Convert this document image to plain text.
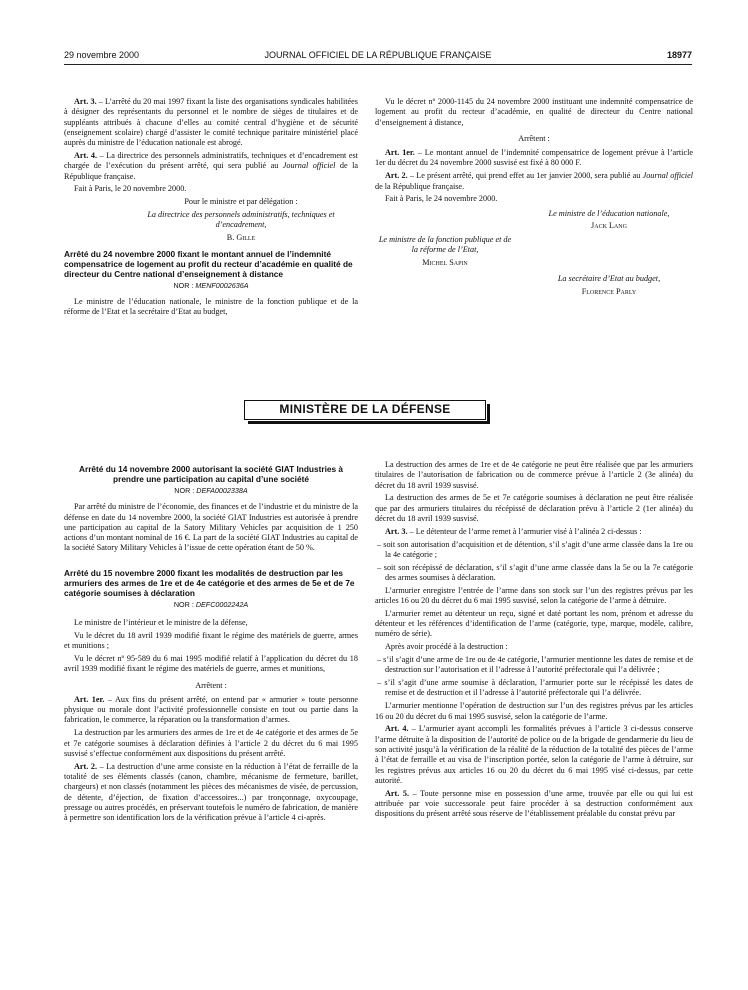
29 novembre 2000	JOURNAL OFFICIEL DE LA RÉPUBLIQUE FRANÇAISE	18977

Art. 3. – L’arrêté du 20 mai 1997 fixant la liste des organisations syndicales habilitées à désigner des représentants du personnel et le nombre de sièges de titulaires et de suppléants attribués à chacune d’elles au comité central d’hygiène et de sécurité (enseignement scolaire) chargé d’assister le comité technique paritaire ministériel placé auprès du ministre de l’éducation nationale est abrogé.

Art. 4. – La directrice des personnels administratifs, techniques et d’encadrement est chargée de l’exécution du présent arrêté, qui sera publié au Journal officiel de la République française.

Fait à Paris, le 20 novembre 2000.

Pour le ministre et par délégation :

La directrice des personnels administratifs, techniques et d’encadrement,

B. Gille

Arrêté du 24 novembre 2000 fixant le montant annuel de l’indemnité compensatrice de logement au profit du recteur d’académie en qualité de directeur du Centre national d’enseignement à distance
NOR : MENF0002636A

Le ministre de l’éducation nationale, le ministre de la fonction publique et de la réforme de l’Etat et la secrétaire d’Etat au budget,

Vu le décret nº 2000-1145 du 24 novembre 2000 instituant une indemnité compensatrice de logement au profit du recteur d’académie, en qualité de directeur du Centre national d’enseignement à distance,

Arrêtent :

Art. 1er. – Le montant annuel de l’indemnité compensatrice de logement prévue à l’article 1er du décret du 24 novembre 2000 susvisé est fixé à 80 000 F.

Art. 2. – Le présent arrêté, qui prend effet au 1er janvier 2000, sera publié au Journal officiel de la République française.

Fait à Paris, le 24 novembre 2000.

Le ministre de l’éducation nationale,

Jack Lang

Le ministre de la fonction publique et de la réforme de l’Etat,

Michel Sapin

La secrétaire d’Etat au budget,

Florence Parly

MINISTÈRE DE LA DÉFENSE
Arrêté du 14 novembre 2000 autorisant la société GIAT Industries à prendre une participation au capital d’une société
NOR : DEFA0002338A

Par arrêté du ministre de l’économie, des finances et de l’industrie et du ministre de la défense en date du 14 novembre 2000, la société GIAT Industries est autorisée à prendre une participation au capital de la Satory Military Vehicles par acquisition de 1 250 actions d’un montant nominal de 16 €. La part de la société GIAT Industries au capital de la société Satory Military Vehicles à l’issue de cette opération étant de 50 %.

Arrêté du 15 novembre 2000 fixant les modalités de destruction par les armuriers des armes de 1re et de 4e catégorie et des armes de 5e et de 7e catégorie soumises à déclaration
NOR : DEFC0002242A

Le ministre de l’intérieur et le ministre de la défense,

Vu le décret du 18 avril 1939 modifié fixant le régime des matériels de guerre, armes et munitions ;

Vu le décret nº 95-589 du 6 mai 1995 modifié relatif à l’application du décret du 18 avril 1939 modifié fixant le régime des matériels de guerre, armes et munitions,

Arrêtent :

Art. 1er. – Aux fins du présent arrêté, on entend par « armurier » toute personne physique ou morale dont l’activité professionnelle consiste en tout ou partie dans la fabrication, le commerce, la réparation ou la transformation d’armes.

La destruction par les armuriers des armes de 1re et de 4e catégorie et des armes de 5e et 7e catégorie soumises à déclaration définies à l’article 2 du décret du 6 mai 1995 susvisé s’effectue conformément aux dispositions du présent arrêté.

Art. 2. – La destruction d’une arme consiste en la réduction à l’état de ferraille de la totalité de ses éléments classés (canon, chambre, mécanisme de fermeture, barillet, chargeurs) et non classés (notamment les pièces des mécanismes de visée, de percussion, de détente, d’éjection, de fixation d’accessoires...) par tronçonnage, oxycoupage, pressage ou autres procédés, en préservant toutefois le numéro de fabrication, de manière à permettre son identification lors de la vérification prévue à l’article 4 ci-après.

La destruction des armes de 1re et de 4e catégorie ne peut être réalisée que par les armuriers titulaires de l’autorisation de fabrication ou de commerce prévue à l’article 2 (3e alinéa) du décret du 18 avril 1939 susvisé.

La destruction des armes de 5e et 7e catégorie soumises à déclaration ne peut être réalisée que par des armuriers titulaires du récépissé de déclaration prévu à l’article 2 (1er alinéa) du décret du 18 avril 1939 susvisé.

Art. 3. – Le détenteur de l’arme remet à l’armurier visé à l’alinéa 2 ci-dessus :

– soit son autorisation d’acquisition et de détention, s’il s’agit d’une arme classée dans la 1re ou la 4e catégorie ;

– soit son récépissé de déclaration, s’il s’agit d’une arme classée dans la 5e ou la 7e catégorie des armes soumises à déclaration.

L’armurier enregistre l’entrée de l’arme dans son stock sur l’un des registres prévus par les articles 16 ou 20 du décret du 6 mai 1995 susvisé, selon la catégorie de l’arme à détruire.

L’armurier remet au détenteur un reçu, signé et daté portant les nom, prénom et adresse du détenteur et les références d’identification de l’arme (catégorie, type, marque, modèle, calibre, numéro de série).

Après avoir procédé à la destruction :

– s’il s’agit d’une arme de 1re ou de 4e catégorie, l’armurier mentionne les dates de remise et de destruction sur l’autorisation et il l’adresse à l’autorité préfectorale qui l’a délivrée ;

– s’il s’agit d’une arme soumise à déclaration, l’armurier porte sur le récépissé les dates de remise et de destruction et il l’adresse à l’autorité préfectorale qui l’a délivrée.

L’armurier mentionne l’opération de destruction sur l’un des registres prévus par les articles 16 ou 20 du décret du 6 mai 1995 susvisé, selon la catégorie de l’arme.

Art. 4. – L’armurier ayant accompli les formalités prévues à l’article 3 ci-dessus conserve l’arme détruite à la disposition de l’autorité de police ou de la brigade de gendarmerie du lieu de son activité jusqu’à la vérification de la réalité de la réduction de la totalité des pièces de l’arme à l’état de ferraille et au visa de l’inscription portée, selon la catégorie de l’arme à détruire, sur les registres prévus aux articles 16 ou 20 du décret du 6 mai 1995 visé ci-dessus, par cette autorité.

Art. 5. – Toute personne mise en possession d’une arme, trouvée par elle ou qui lui est attribuée par voie successorale peut faire procéder à sa destruction conformément aux dispositions du présent arrêté sous réserve de l’établissement préalable du constat prévu par
